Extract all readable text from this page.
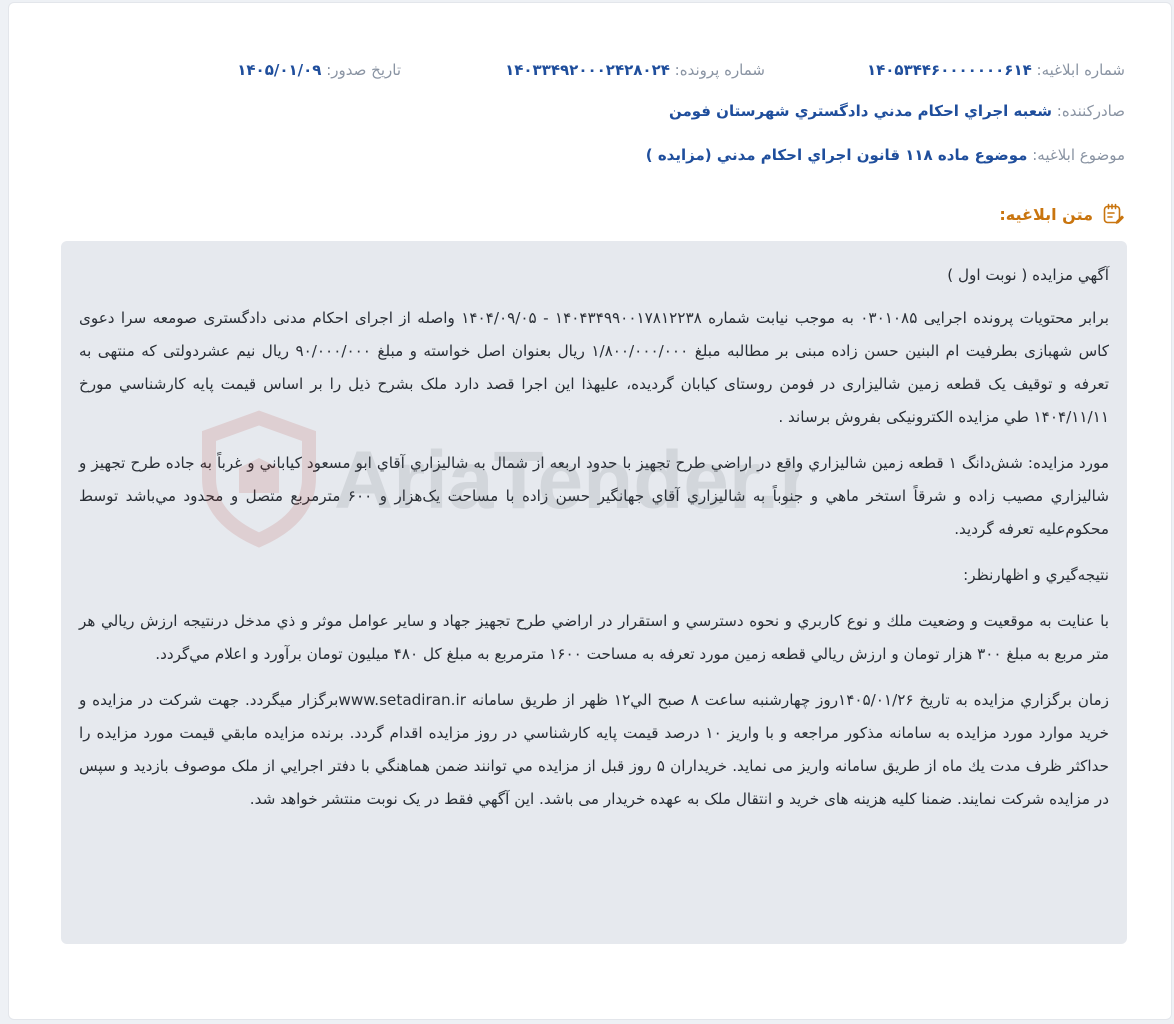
شماره ابلاغیه: ۱۴۰۵۳۴۴۶۰۰۰۰۰۰۰۶۱۴
شماره پرونده: ۱۴۰۳۳۴۹۲۰۰۰۲۴۲۸۰۲۴
تاریخ صدور: ۱۴۰۵/۰۱/۰۹
صادرکننده: شعبه اجراي احکام مدني دادگستري شهرستان فومن
موضوع ابلاغیه: موضوع ماده ۱۱۸ قانون اجراي احکام مدني (مزایده )
متن ابلاغیه:

آگهي مزایده ( نوبت اول )

برابر محتویات پرونده اجرایی ۰۳۰۱۰۸۵ به موجب نیابت شماره ۱۴۰۴۳۴۹۹۰۰۱۷۸۱۲۲۳۸ - ۱۴۰۴/۰۹/۰۵ واصله از اجرای احکام مدنی دادگستری صومعه سرا دعوی کاس شهبازی بطرفیت ام البنین حسن زاده مبنی بر مطالبه مبلغ ۱/۸۰۰/۰۰۰/۰۰۰ ریال بعنوان اصل خواسته و مبلغ ۹۰/۰۰۰/۰۰۰ ریال نیم عشردولتی که منتهی به تعرفه و توقیف یک قطعه زمین شالیزاری در فومن روستای کیابان گردیده، علیهذا این اجرا قصد دارد ملک بشرح ذیل را بر اساس قیمت پایه کارشناسي مورخ ۱۴۰۴/۱۱/۱۱ طي مزایده الکترونیکی بفروش برساند .

مورد مزایده: شش‌دانگ ۱ قطعه زمین شالیزاري واقع در اراضي طرح تجهیز با حدود اربعه از شمال به شالیزاري آقاي ابو مسعود کیاباني و غرباً به جاده طرح تجهیز و شالیزاري مصیب زاده و شرقاً استخر ماهي و جنوباً به شالیزاري آقاي جهانگیر حسن زاده با مساحت یک‌هزار و ۶۰۰ مترمربع متصل و محدود مي‌باشد توسط محکوم‌علیه تعرفه گردید.

نتیجه‌گیري و اظهارنظر:

با عنایت به موقعیت و وضعیت ملك و نوع کاربري و نحوه دسترسي و استقرار در اراضي طرح تجهیز جهاد و سایر عوامل موثر و ذي مدخل درنتیجه ارزش ریالي هر متر مربع به مبلغ ۳۰۰ هزار تومان و ارزش ریالي قطعه زمین مورد تعرفه به مساحت ۱۶۰۰ مترمربع به مبلغ کل ۴۸۰ میلیون تومان برآورد و اعلام مي‌گردد.

زمان برگزاري مزایده به تاریخ ۱۴۰۵/۰۱/۲۶روز چهارشنبه ساعت ۸ صبح الي۱۲ ظهر از طریق سامانه www.setadiran.irبرگزار میگردد. جهت شرکت در مزایده و خرید موارد مورد مزایده به سامانه مذکور مراجعه و با واریز ۱۰ درصد قیمت پایه کارشناسي در روز مزایده اقدام گردد. برنده مزایده مابقي قیمت مورد مزایده را حداکثر ظرف مدت یك ماه از طریق سامانه واریز می نماید. خریداران ۵ روز قبل از مزایده مي توانند ضمن هماهنگي با دفتر اجرایي از ملک موصوف بازدید و سپس در مزایده شرکت نمایند. ضمنا کلیه هزینه های خرید و انتقال ملک به عهده خریدار می باشد. این آگهي فقط در یک نوبت منتشر خواهد شد.
